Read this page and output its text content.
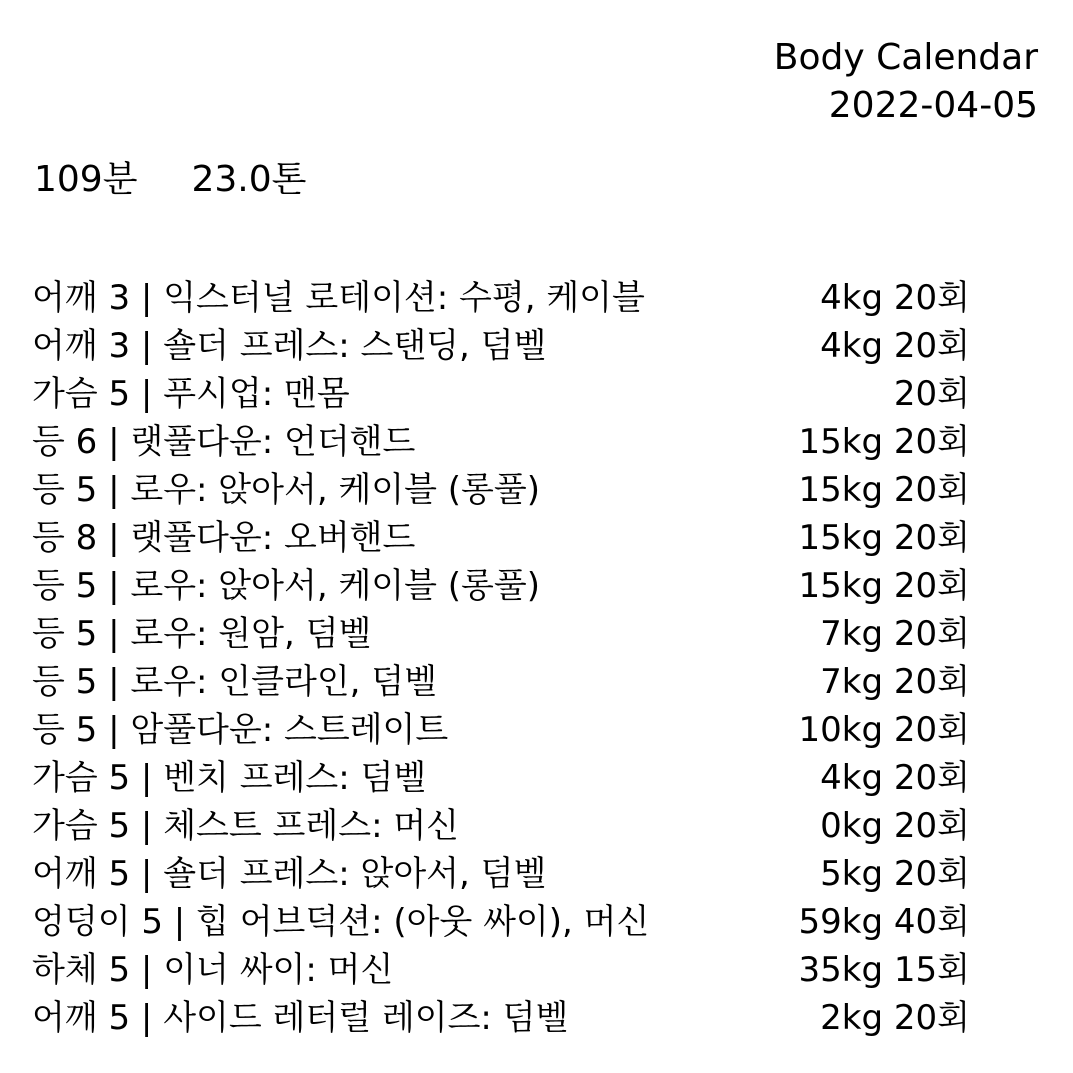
Body Calendar
2022-04-05
109분 23.0톤
어깨 3 | 익스터널 로테이션: 수평, 케이블	4kg 20회
어깨 3 | 숄더 프레스: 스탠딩, 덤벨	4kg 20회
가슴 5 | 푸시업: 맨몸	20회
등 6 | 랫풀다운: 언더핸드	15kg 20회
등 5 | 로우: 앉아서, 케이블 (롱풀)	15kg 20회
등 8 | 랫풀다운: 오버핸드	15kg 20회
등 5 | 로우: 앉아서, 케이블 (롱풀)	15kg 20회
등 5 | 로우: 원암, 덤벨	7kg 20회
등 5 | 로우: 인클라인, 덤벨	7kg 20회
등 5 | 암풀다운: 스트레이트	10kg 20회
가슴 5 | 벤치 프레스: 덤벨	4kg 20회
가슴 5 | 체스트 프레스: 머신	0kg 20회
어깨 5 | 숄더 프레스: 앉아서, 덤벨	5kg 20회
엉덩이 5 | 힙 어브덕션: (아웃 싸이), 머신	59kg 40회
하체 5 | 이너 싸이: 머신	35kg 15회
어깨 5 | 사이드 레터럴 레이즈: 덤벨	2kg 20회
